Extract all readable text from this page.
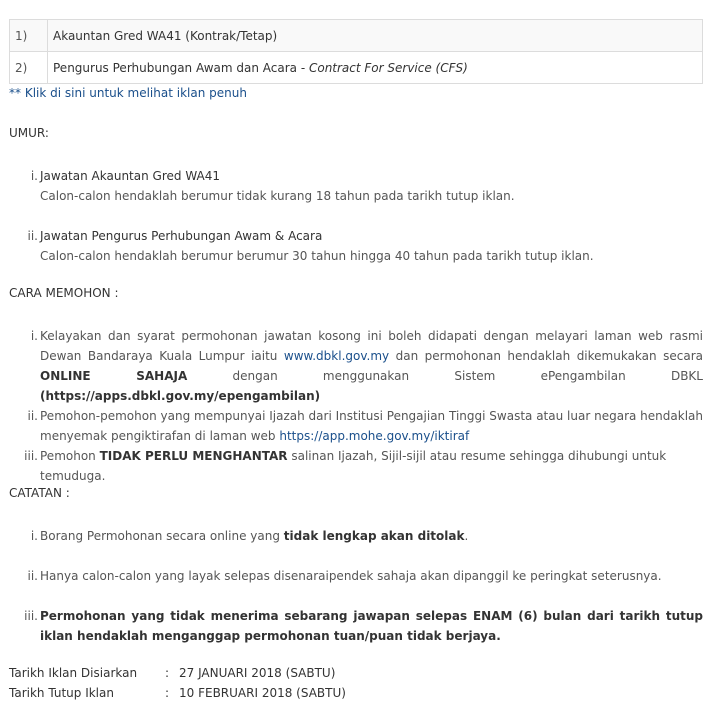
1)	Akauntan Gred WA41 (Kontrak/Tetap)
2)	Pengurus Perhubungan Awam dan Acara - Contract For Service (CFS)
** Klik di sini untuk melihat iklan penuh
UMUR:
i. Jawatan Akauntan Gred WA41
Calon-calon hendaklah berumur tidak kurang 18 tahun pada tarikh tutup iklan.
ii. Jawatan Pengurus Perhubungan Awam & Acara
Calon-calon hendaklah berumur berumur 30 tahun hingga 40 tahun pada tarikh tutup iklan.
CARA MEMOHON :
i. Kelayakan dan syarat permohonan jawatan kosong ini boleh didapati dengan melayari laman web rasmi Dewan Bandaraya Kuala Lumpur iaitu www.dbkl.gov.my dan permohonan hendaklah dikemukakan secara ONLINE SAHAJA dengan menggunakan Sistem ePengambilan DBKL (https://apps.dbkl.gov.my/epengambilan)
ii. Pemohon-pemohon yang mempunyai Ijazah dari Institusi Pengajian Tinggi Swasta atau luar negara hendaklah menyemak pengiktirafan di laman web https://app.mohe.gov.my/iktiraf
iii. Pemohon TIDAK PERLU MENGHANTAR salinan Ijazah, Sijil-sijil atau resume sehingga dihubungi untuk temuduga.
CATATAN :
i. Borang Permohonan secara online yang tidak lengkap akan ditolak.
ii. Hanya calon-calon yang layak selepas disenaraipendek sahaja akan dipanggil ke peringkat seterusnya.
iii. Permohonan yang tidak menerima sebarang jawapan selepas ENAM (6) bulan dari tarikh tutup iklan hendaklah menganggap permohonan tuan/puan tidak berjaya.
Tarikh Iklan Disiarkan : 27 JANUARI 2018 (SABTU)
Tarikh Tutup Iklan	: 10 FEBRUARI 2018 (SABTU)
